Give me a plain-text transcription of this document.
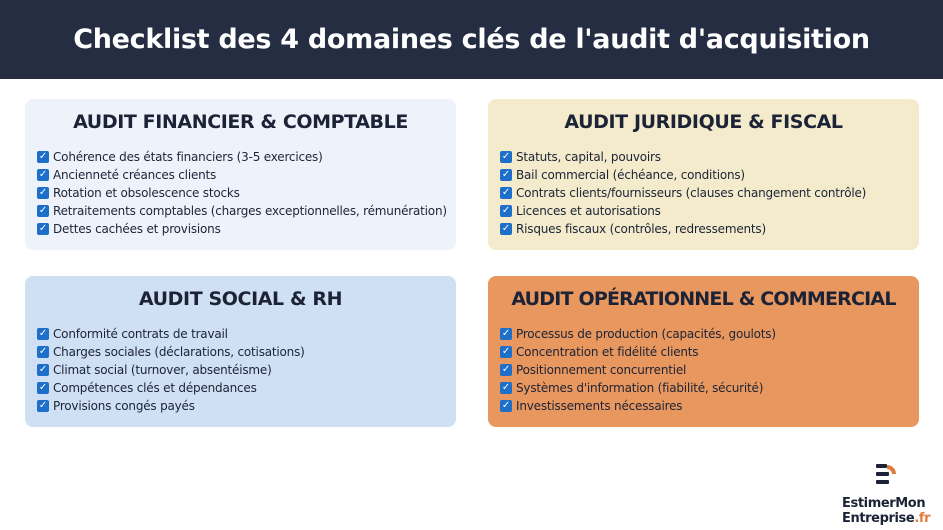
Checklist des 4 domaines clés de l'audit d'acquisition
AUDIT FINANCIER & COMPTABLE
✓ Cohérence des états financiers (3-5 exercices)
✓ Ancienneté créances clients
✓ Rotation et obsolescence stocks
✓ Retraitements comptables (charges exceptionnelles, rémunération)
✓ Dettes cachées et provisions
AUDIT JURIDIQUE & FISCAL
✓ Statuts, capital, pouvoirs
✓ Bail commercial (échéance, conditions)
✓ Contrats clients/fournisseurs (clauses changement contrôle)
✓ Licences et autorisations
✓ Risques fiscaux (contrôles, redressements)
AUDIT SOCIAL & RH
✓ Conformité contrats de travail
✓ Charges sociales (déclarations, cotisations)
✓ Climat social (turnover, absentéisme)
✓ Compétences clés et dépendances
✓ Provisions congés payés
AUDIT OPÉRATIONNEL & COMMERCIAL
✓ Processus de production (capacités, goulots)
✓ Concentration et fidélité clients
✓ Positionnement concurrentiel
✓ Systèmes d'information (fiabilité, sécurité)
✓ Investissements nécessaires
EstimerMon
Entreprise.fr
